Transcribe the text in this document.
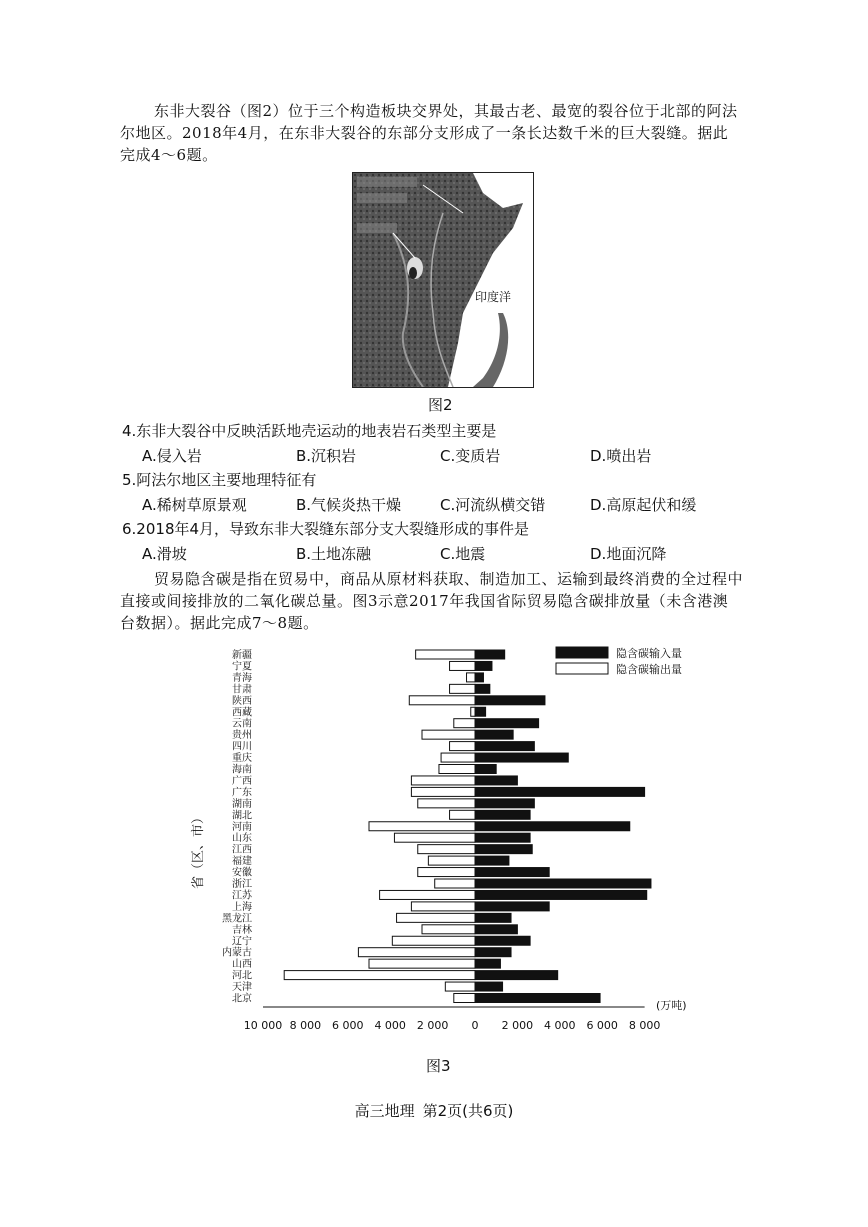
东非大裂谷（图2）位于三个构造板块交界处，其最古老、最宽的裂谷位于北部的阿法
尔地区。2018年4月，在东非大裂谷的东部分支形成了一条长达数千米的巨大裂缝。据此
完成4～6题。
印度洋
图2
4.东非大裂谷中反映活跃地壳运动的地表岩石类型主要是
A.侵入岩	B.沉积岩	C.变质岩	D.喷出岩
5.阿法尔地区主要地理特征有
A.稀树草原景观	B.气候炎热干燥	C.河流纵横交错	D.高原起伏和缓
6.2018年4月，导致东非大裂缝东部分支大裂缝形成的事件是
A.滑坡	B.土地冻融	C.地震	D.地面沉降
贸易隐含碳是指在贸易中，商品从原材料获取、制造加工、运输到最终消费的全过程中
直接或间接排放的二氧化碳总量。图3示意2017年我国省际贸易隐含碳排放量（未含港澳
台数据）。据此完成7～8题。
新疆
宁夏
青海
甘肃
陕西
西藏
云南
贵州
四川
重庆
海南
广西
广东
湖南
湖北
河南
山东
江西
福建
安徽
浙江
江苏
上海
黑龙江
吉林
辽宁
内蒙古
山西
河北
天津
北京
10 000 8 000 6 000 4 000 2 000 0 2 000 4 000 6 000 8 000
(万吨)
省（区、市）
隐含碳输入量
隐含碳输出量
图3
高三地理 第2页(共6页)
